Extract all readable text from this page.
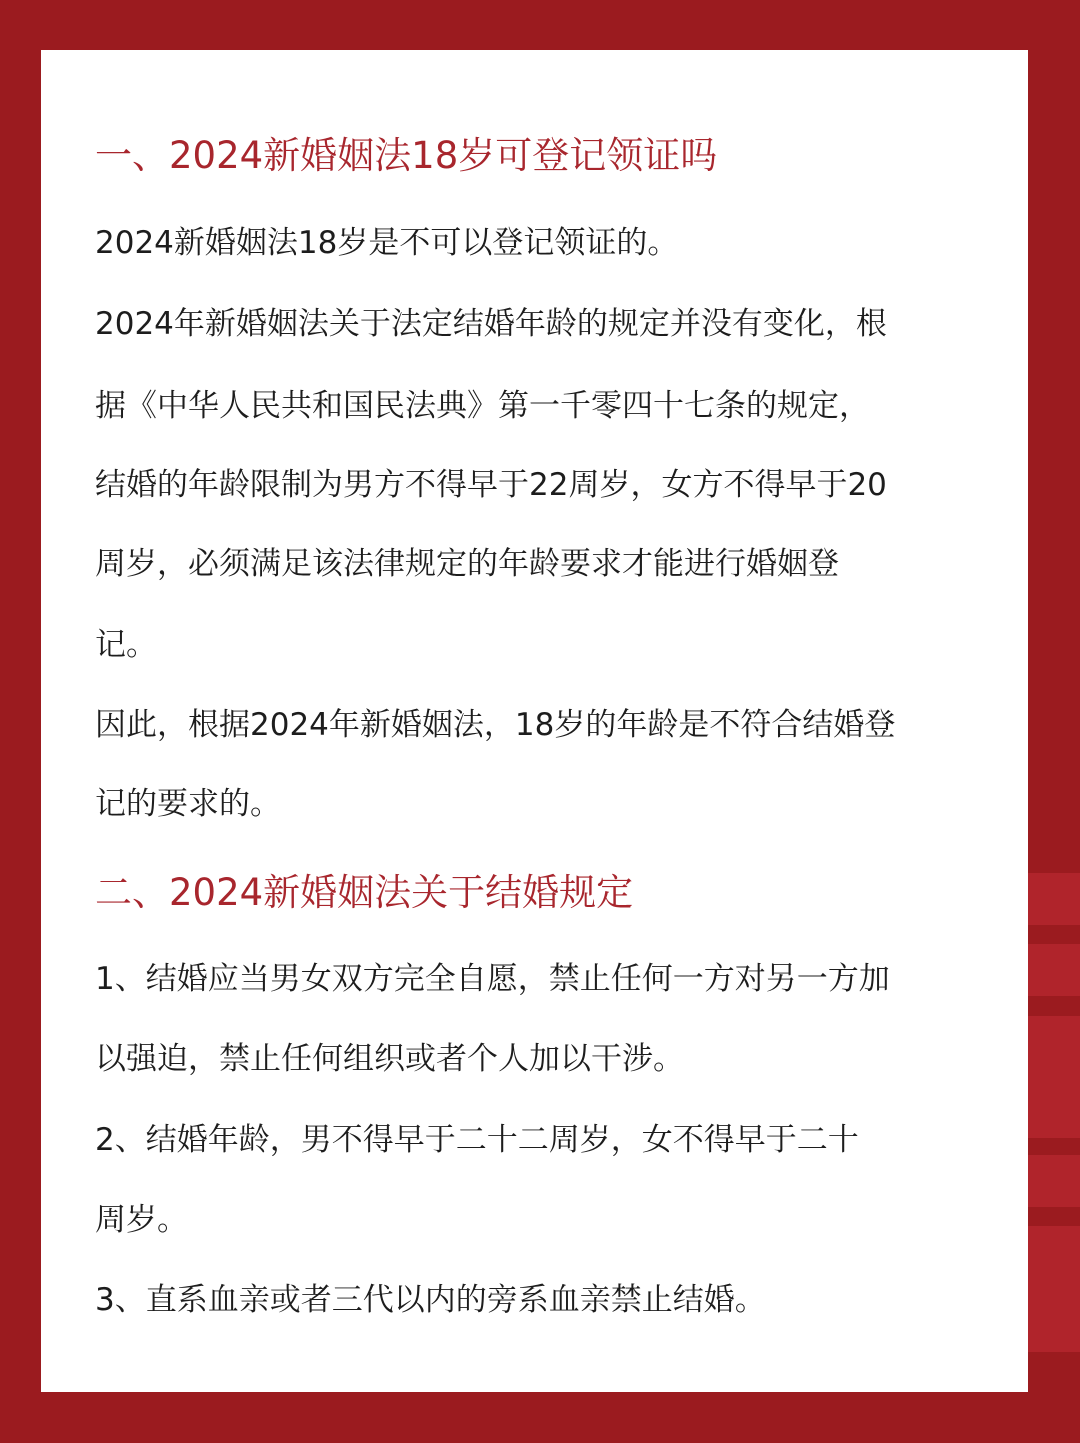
一、2024新婚姻法18岁可登记领证吗

2024新婚姻法18岁是不可以登记领证的。

2024年新婚姻法关于法定结婚年龄的规定并没有变化，根

据《中华人民共和国民法典》第一千零四十七条的规定，

结婚的年龄限制为男方不得早于22周岁，女方不得早于20

周岁，必须满足该法律规定的年龄要求才能进行婚姻登

记。

因此，根据2024年新婚姻法，18岁的年龄是不符合结婚登

记的要求的。

二、2024新婚姻法关于结婚规定

1、结婚应当男女双方完全自愿，禁止任何一方对另一方加

以强迫，禁止任何组织或者个人加以干涉。

2、结婚年龄，男不得早于二十二周岁，女不得早于二十

周岁。

3、直系血亲或者三代以内的旁系血亲禁止结婚。
